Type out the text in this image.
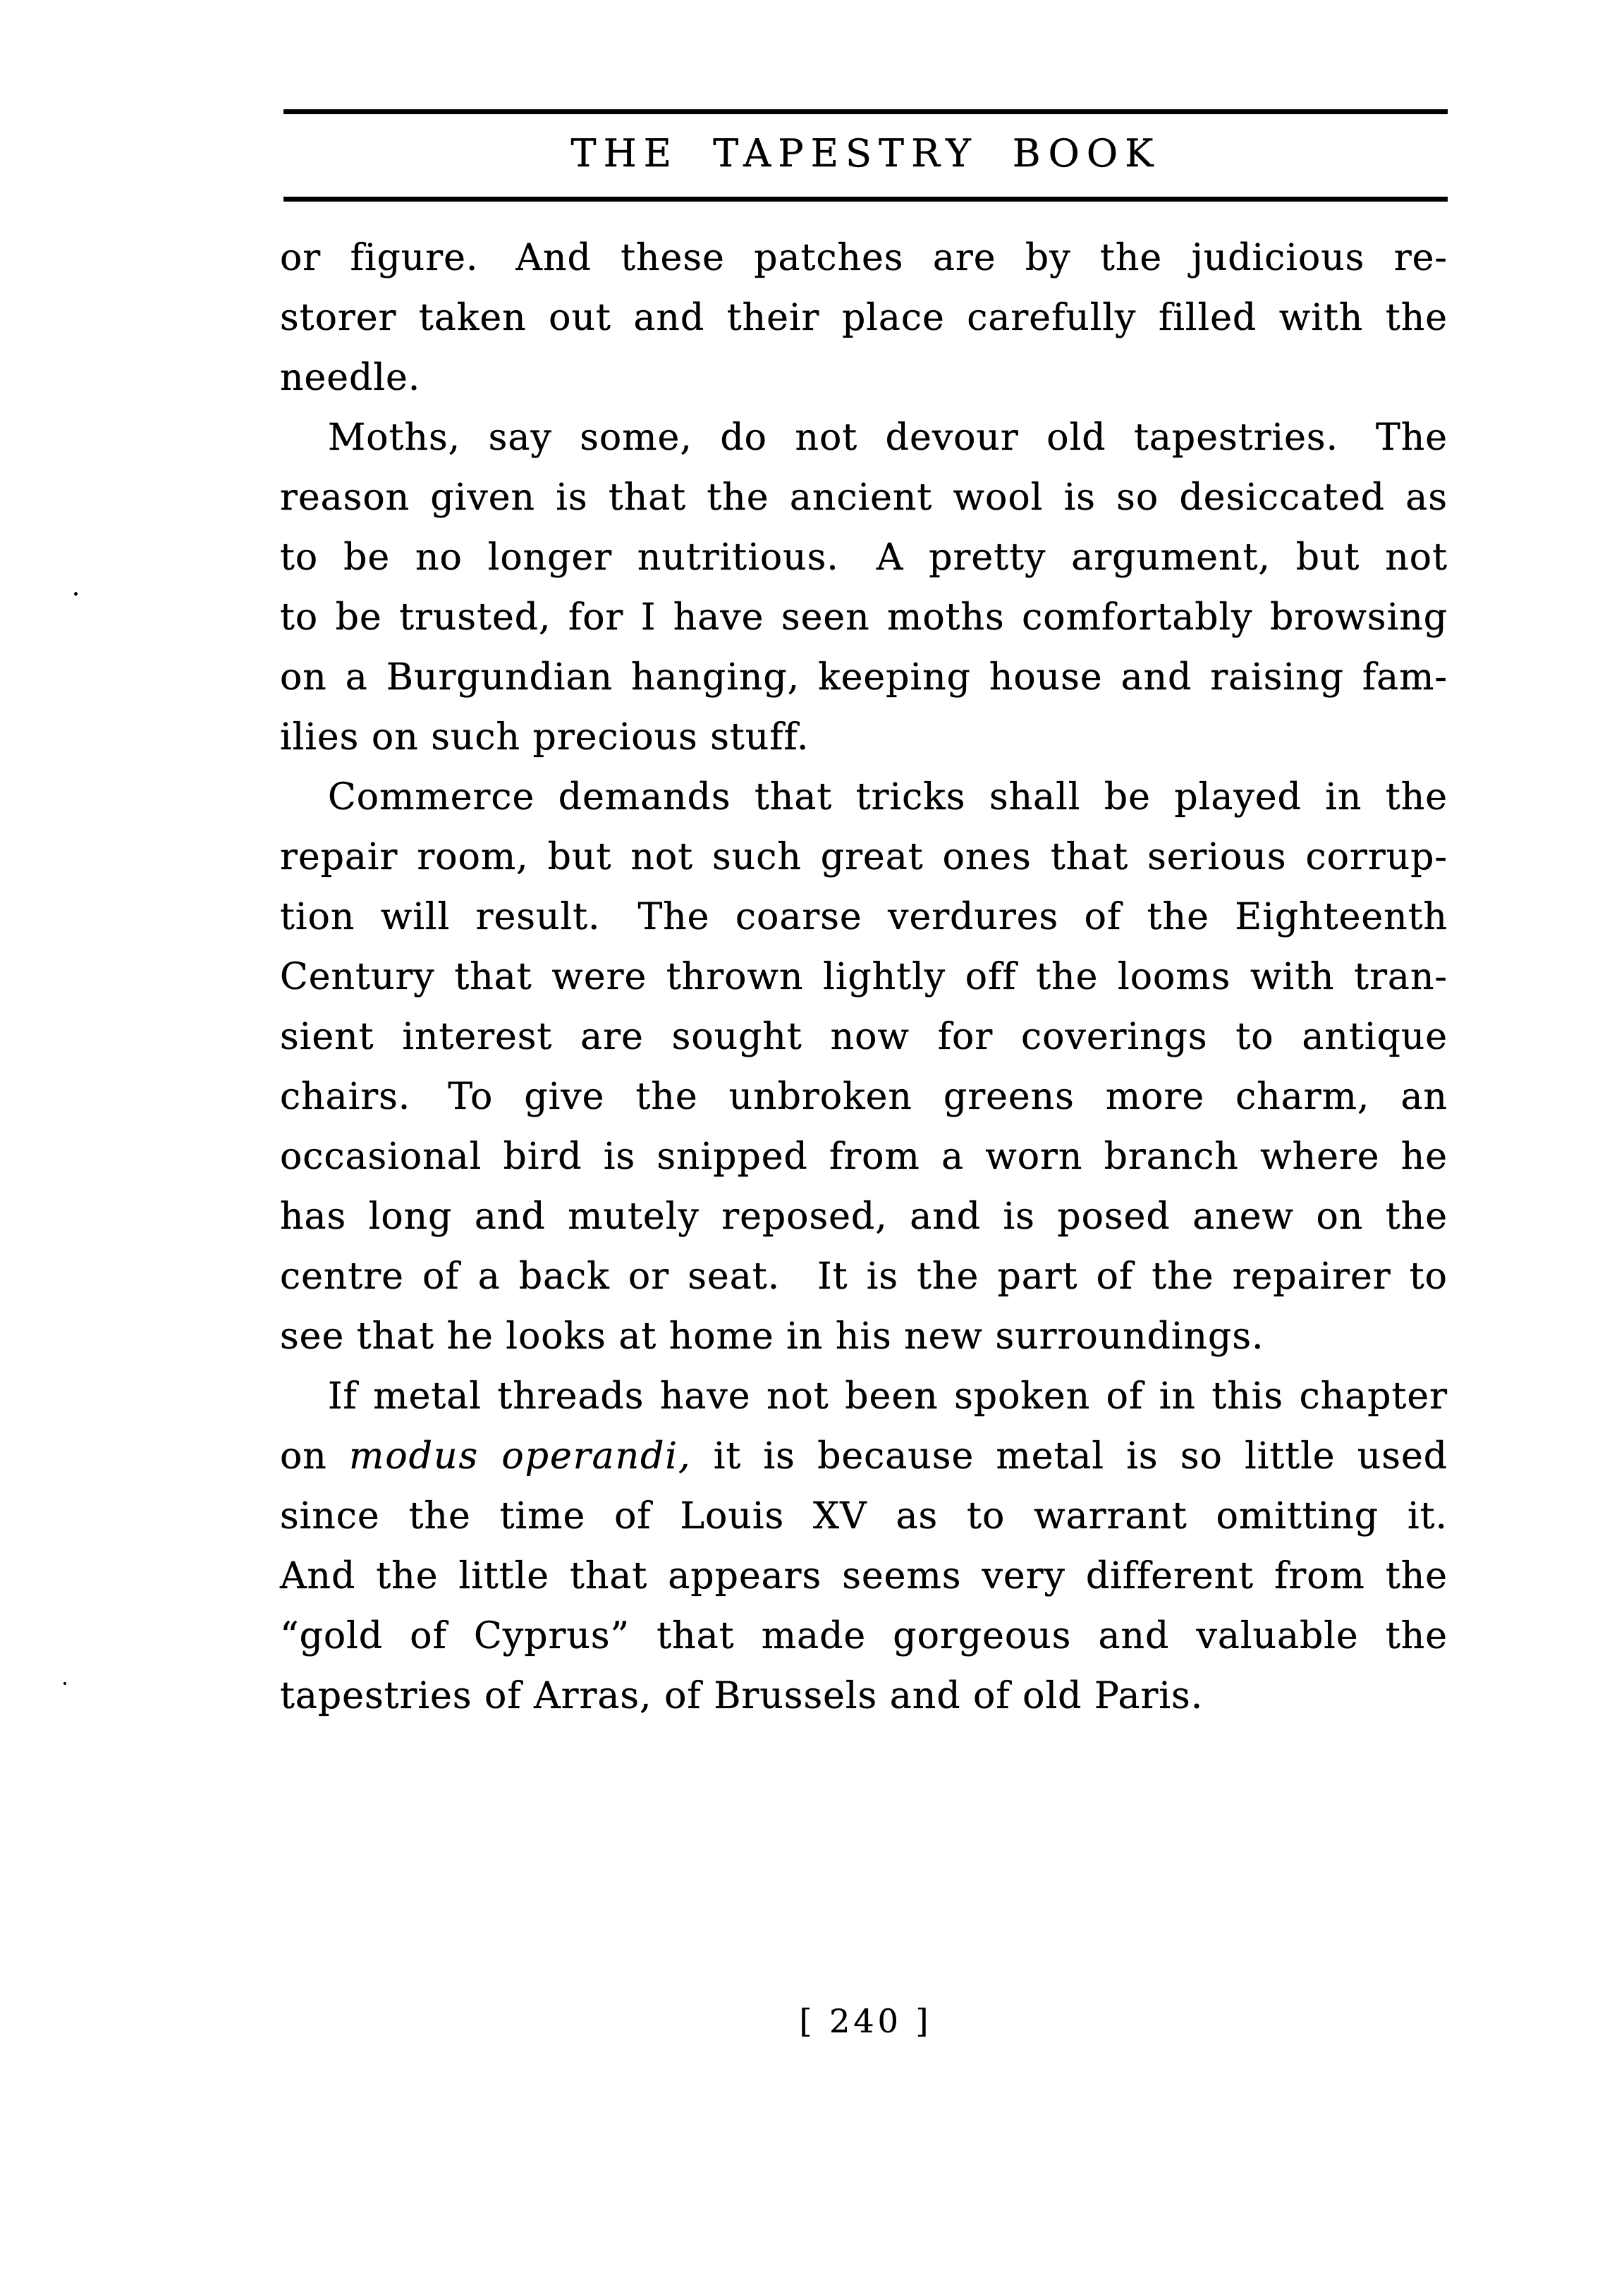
THE TAPESTRY BOOK
or figure. And these patches are by the judicious re-
storer taken out and their place carefully filled with the
needle.
Moths, say some, do not devour old tapestries. The
reason given is that the ancient wool is so desiccated as
to be no longer nutritious. A pretty argument, but not
to be trusted, for I have seen moths comfortably browsing
on a Burgundian hanging, keeping house and raising fam-
ilies on such precious stuff.
Commerce demands that tricks shall be played in the
repair room, but not such great ones that serious corrup-
tion will result. The coarse verdures of the Eighteenth
Century that were thrown lightly off the looms with tran-
sient interest are sought now for coverings to antique
chairs. To give the unbroken greens more charm, an
occasional bird is snipped from a worn branch where he
has long and mutely reposed, and is posed anew on the
centre of a back or seat. It is the part of the repairer to
see that he looks at home in his new surroundings.
If metal threads have not been spoken of in this chapter
on modus operandi, it is because metal is so little used
since the time of Louis XV as to warrant omitting it.
And the little that appears seems very different from the
“gold of Cyprus” that made gorgeous and valuable the
tapestries of Arras, of Brussels and of old Paris.
[ 240 ]
